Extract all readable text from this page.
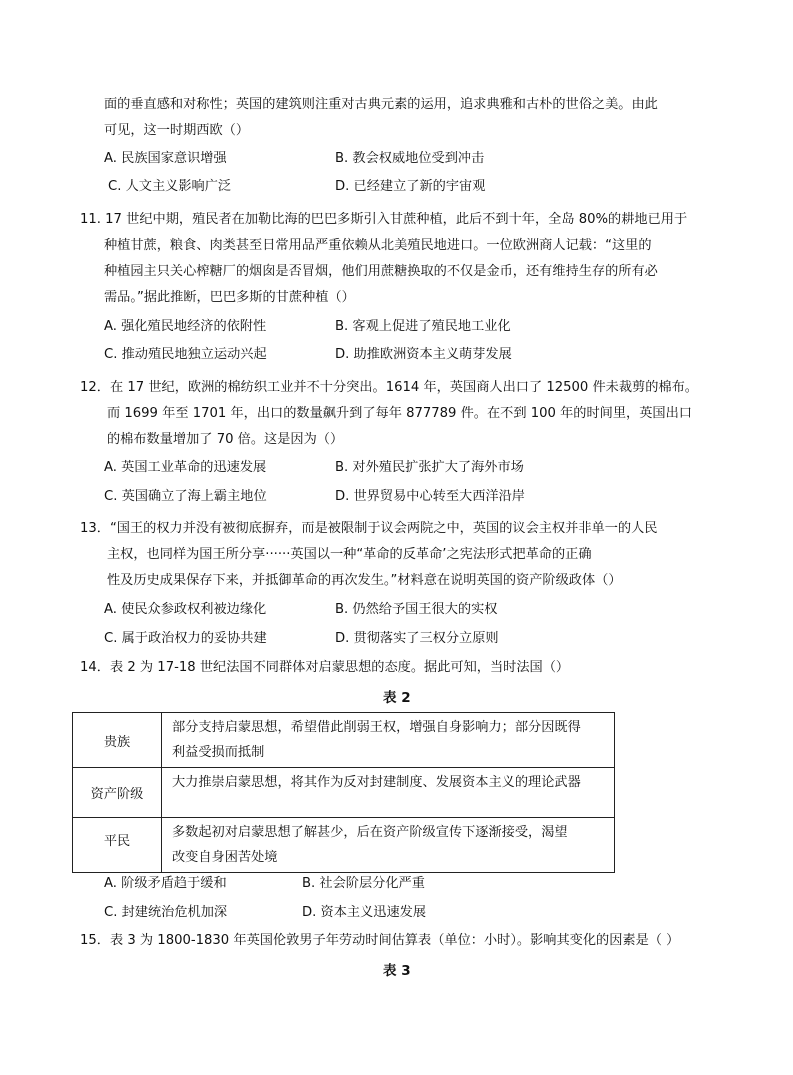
面的垂直感和对称性；英国的建筑则注重对古典元素的运用，追求典雅和古朴的世俗之美。由此
可见，这一时期西欧（）
A. 民族国家意识增强	B. 教会权威地位受到冲击
C. 人文主义影响广泛	D. 已经建立了新的宇宙观
11. 17 世纪中期，殖民者在加勒比海的巴巴多斯引入甘蔗种植，此后不到十年，全岛 80%的耕地已用于
种植甘蔗，粮食、肉类甚至日常用品严重依赖从北美殖民地进口。一位欧洲商人记载：“这里的
种植园主只关心榨糖厂的烟囱是否冒烟，他们用蔗糖换取的不仅是金币，还有维持生存的所有必
需品。”据此推断，巴巴多斯的甘蔗种植（）
A. 强化殖民地经济的依附性	B. 客观上促进了殖民地工业化
C. 推动殖民地独立运动兴起	D. 助推欧洲资本主义萌芽发展
12．在 17 世纪，欧洲的棉纺织工业并不十分突出。1614 年，英国商人出口了 12500 件未裁剪的棉布。
而 1699 年至 1701 年，出口的数量飙升到了每年 877789 件。在不到 100 年的时间里，英国出口
的棉布数量增加了 70 倍。这是因为（）
A. 英国工业革命的迅速发展	B. 对外殖民扩张扩大了海外市场
C. 英国确立了海上霸主地位	D. 世界贸易中心转至大西洋沿岸
13．“国王的权力并没有被彻底摒弃，而是被限制于议会两院之中，英国的议会主权并非单一的人民
主权，也同样为国王所分享······英国以一种“革命的反革命’之宪法形式把革命的正确
性及历史成果保存下来，并抵御革命的再次发生。”材料意在说明英国的资产阶级政体（）
A. 使民众参政权利被边缘化	B. 仍然给予国王很大的实权
C. 属于政治权力的妥协共建	D. 贯彻落实了三权分立原则
14．表 2 为 17-18 世纪法国不同群体对启蒙思想的态度。据此可知，当时法国（）
表 2
贵族	部分支持启蒙思想，希望借此削弱王权，增强自身影响力；部分因既得
利益受损而抵制

资产阶级	大力推崇启蒙思想，将其作为反对封建制度、发展资本主义的理论武器

平民	多数起初对启蒙思想了解甚少，后在资产阶级宣传下逐渐接受，渴望
改变自身困苦处境
A. 阶级矛盾趋于缓和	B. 社会阶层分化严重
C. 封建统治危机加深	D. 资本主义迅速发展
15．表 3 为 1800-1830 年英国伦敦男子年劳动时间估算表（单位：小时）。影响其变化的因素是（ ）
表 3
